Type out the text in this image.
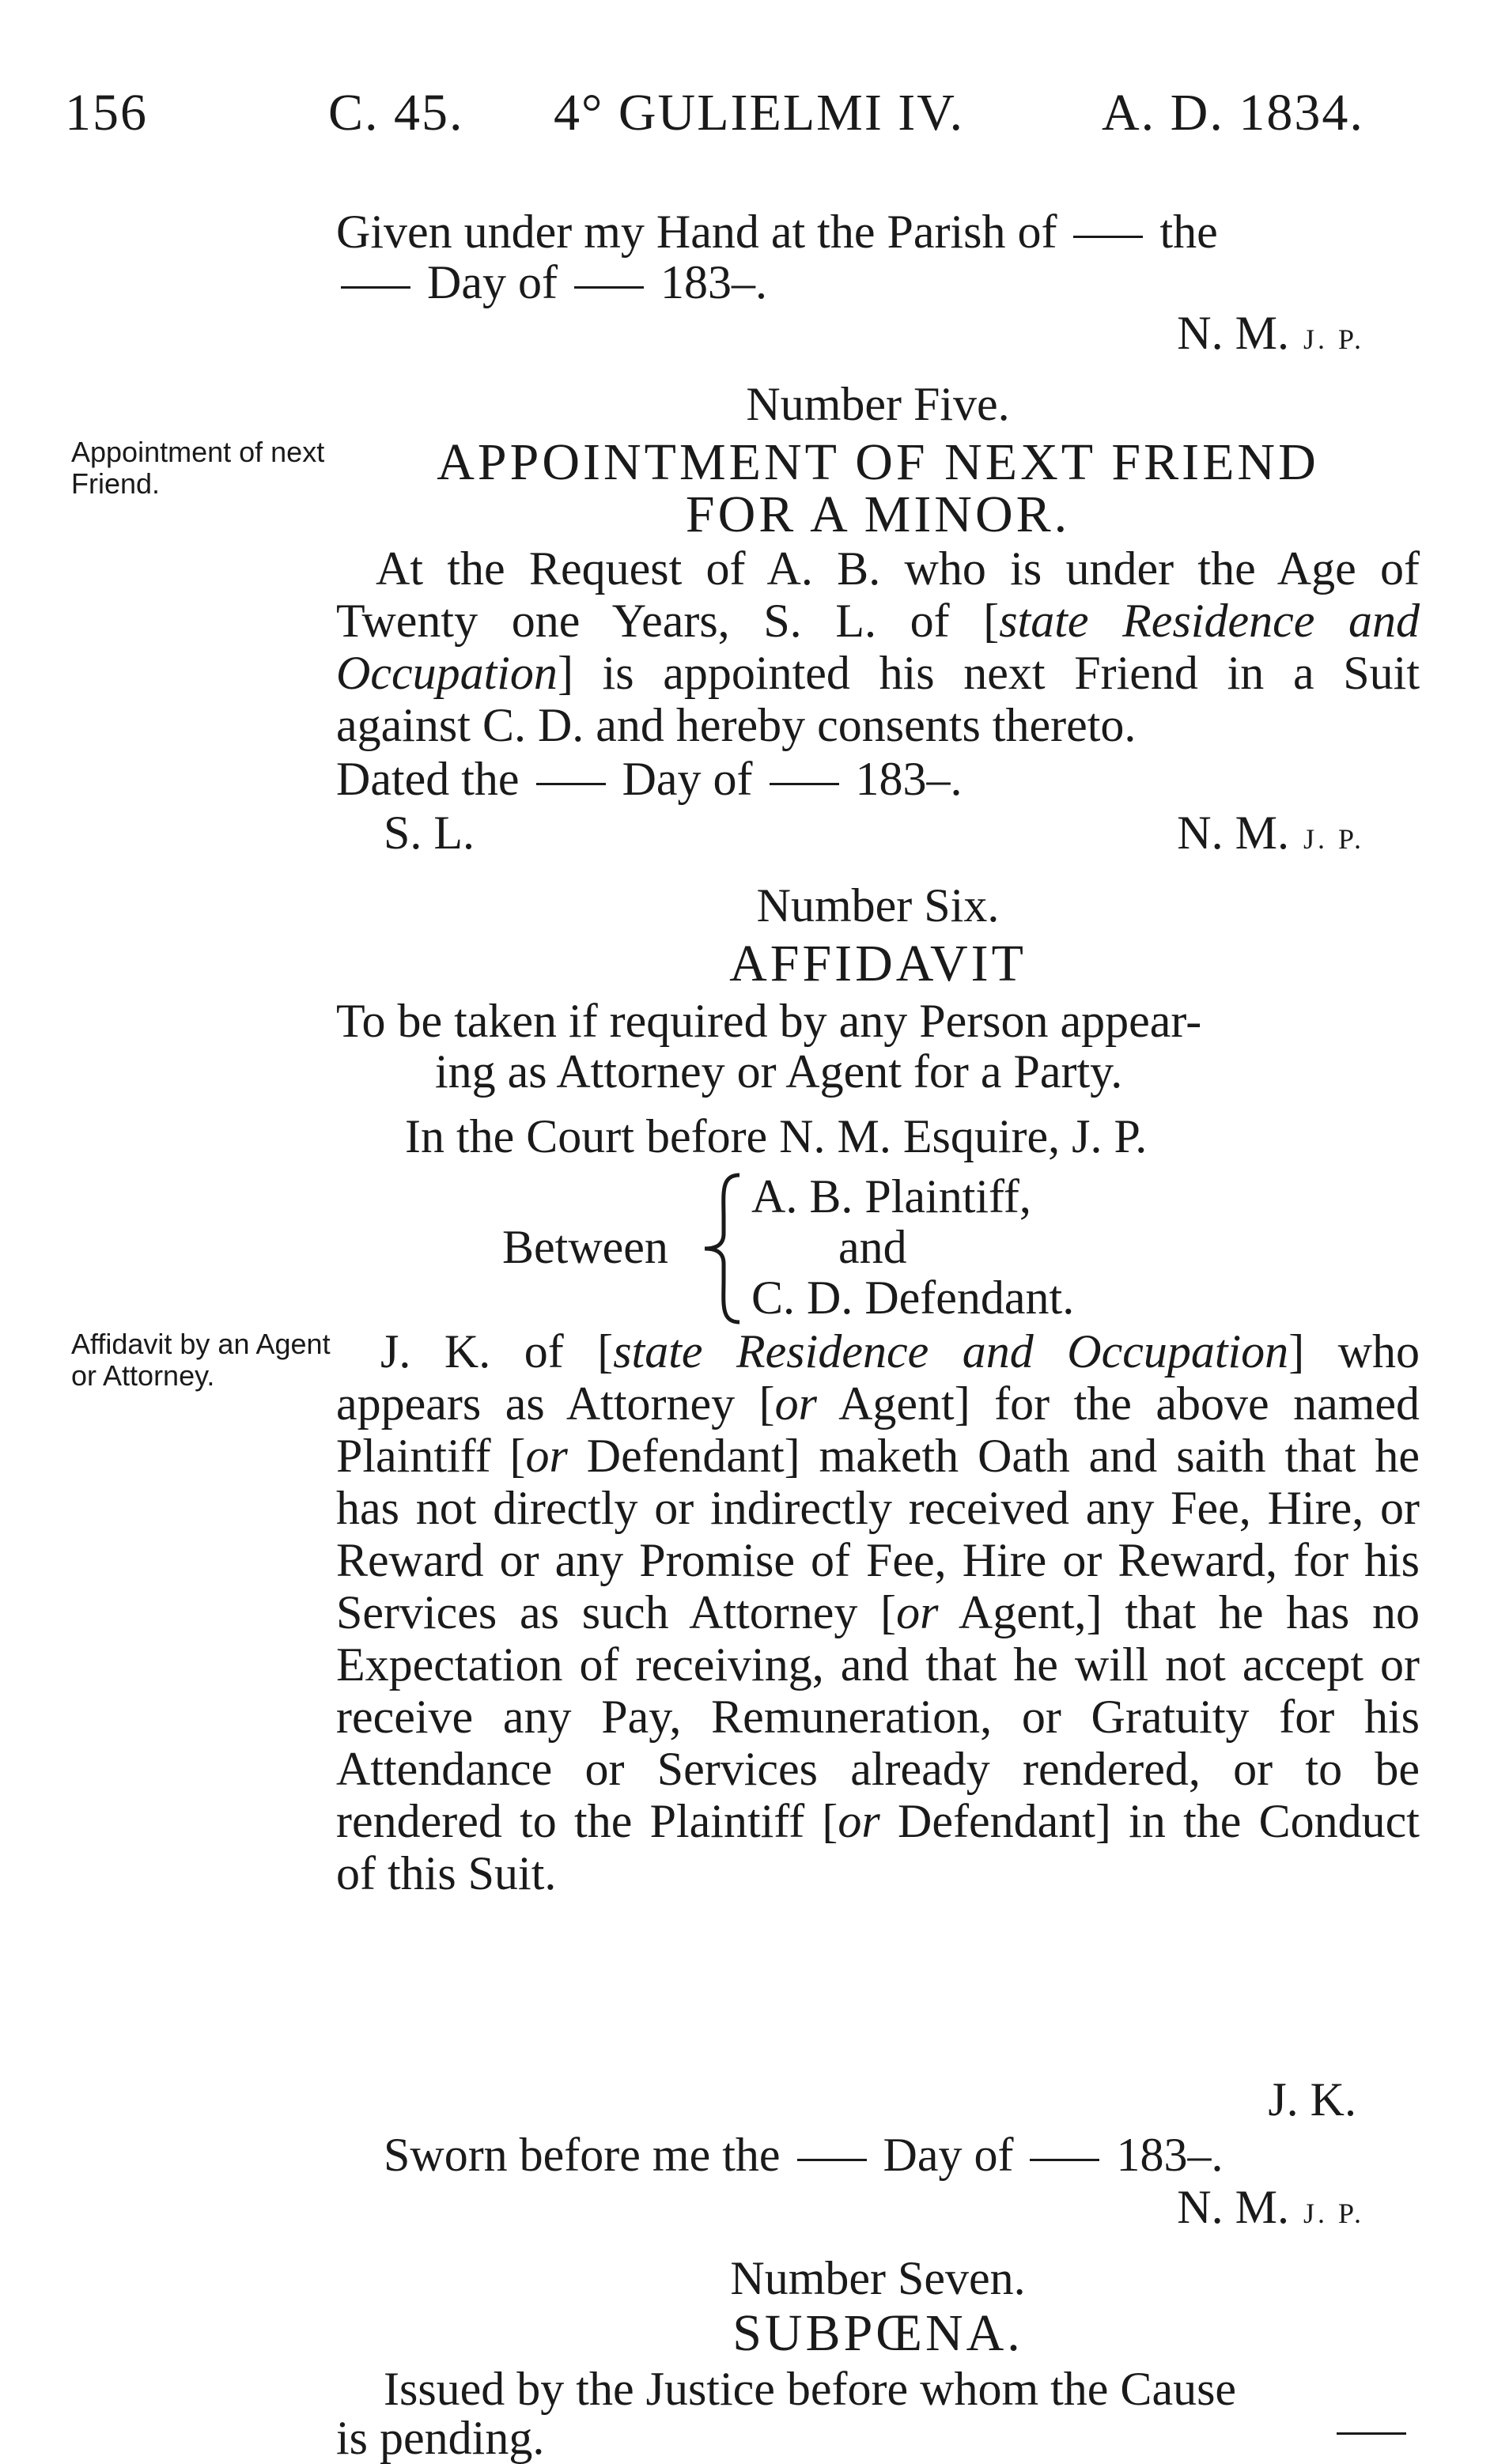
156	C. 45. 4° GULIELMI IV.	A. D. 1834.
Given under my Hand at the Parish of the
Day of 183–.
N. M. J. P.
Number Five.
Appointment of next Friend.	APPOINTMENT OF NEXT FRIEND
FOR A MINOR.

At the Request of A. B. who is under the Age of Twenty one Years, S. L. of [state Residence and Occupation] is appointed his next Friend in a Suit against C. D. and hereby consents thereto.

Dated the Day of 183–.
S. L.	N. M. J. P.
Number Six.
AFFIDAVIT
To be taken if required by any Person appear-
ing as Attorney or Agent for a Party.
In the Court before N. M. Esquire, J. P.
Between
A. B. Plaintiff,
and
C. D. Defendant.
Affidavit by an Agent or Attorney.	J. K. of [state Residence and Occupation] who appears as Attorney [or Agent] for the above named Plaintiff [or Defendant] maketh Oath and saith that he has not directly or indirectly received any Fee, Hire, or Reward or any Promise of Fee, Hire or Reward, for his Services as such Attorney [or Agent,] that he has no Expectation of receiving, and that he will not accept or receive any Pay, Remuneration, or Gratuity for his Attendance or Services already rendered, or to be rendered to the Plaintiff [or Defendant] in the Conduct of this Suit.

J. K.
Sworn before me the Day of 183–.
N. M. J. P.
Number Seven.
SUBPŒNA.
Issued by the Justice before whom the Cause
is pending.
